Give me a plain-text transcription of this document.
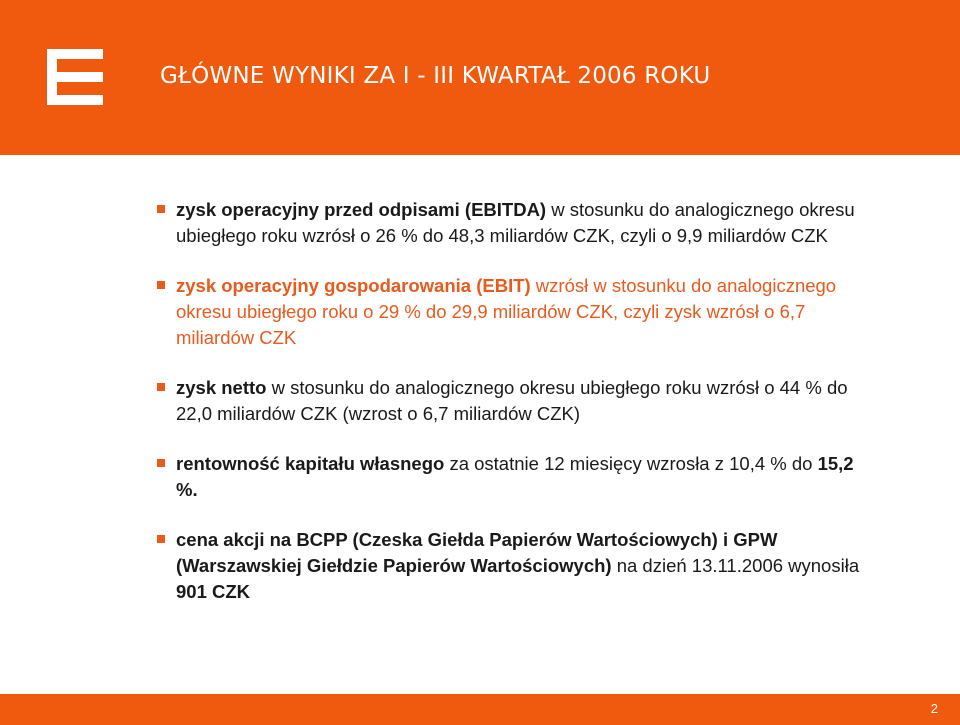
GŁÓWNE WYNIKI ZA I - III KWARTAŁ 2006 ROKU
zysk operacyjny przed odpisami (EBITDA) w stosunku do analogicznego okresu ubiegłego roku wzrósł o 26 % do 48,3 miliardów CZK, czyli o 9,9 miliardów CZK
zysk operacyjny gospodarowania (EBIT) wzrósł w stosunku do analogicznego okresu ubiegłego roku o 29 % do 29,9 miliardów CZK, czyli zysk wzrósł o 6,7 miliardów CZK
zysk netto w stosunku do analogicznego okresu ubiegłego roku wzrósł o 44 % do 22,0 miliardów CZK (wzrost o 6,7 miliardów CZK)
rentowność kapitału własnego za ostatnie 12 miesięcy wzrosła z 10,4 % do 15,2 %.
cena akcji na BCPP (Czeska Giełda Papierów Wartościowych) i GPW (Warszawskiej Giełdzie Papierów Wartościowych) na dzień 13.11.2006 wynosiła 901 CZK
2
